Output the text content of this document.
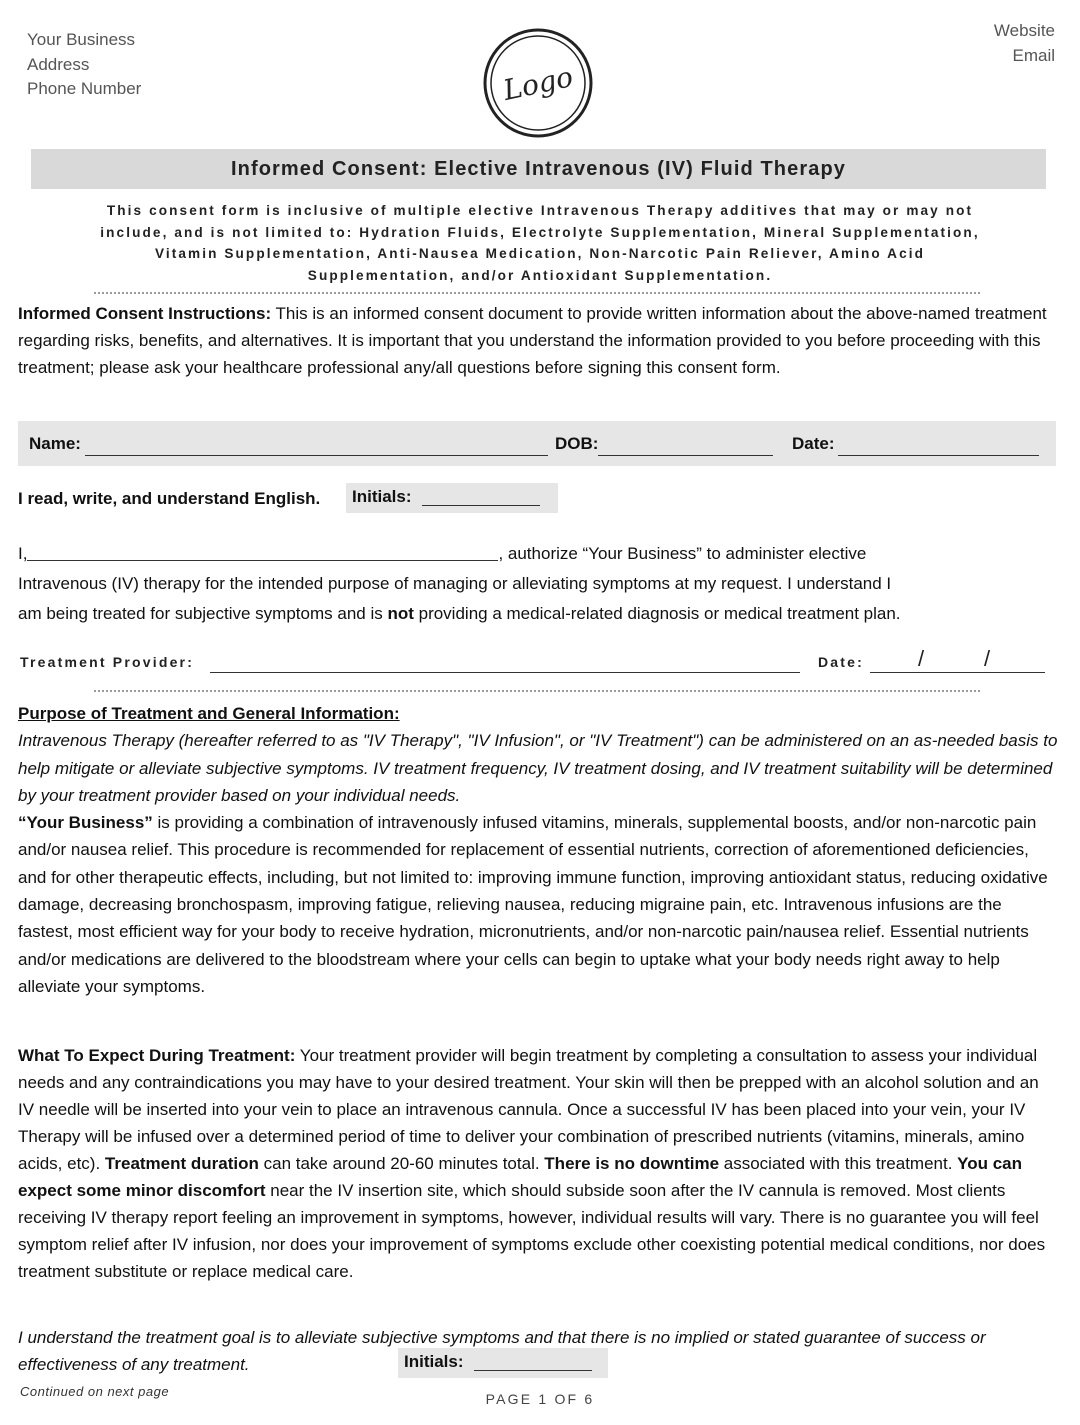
Your Business
Address
Phone Number	Logo
Website
Email
Informed Consent: Elective Intravenous (IV) Fluid Therapy
This consent form is inclusive of multiple elective Intravenous Therapy additives that may or may not
include, and is not limited to: Hydration Fluids, Electrolyte Supplementation, Mineral Supplementation,
Vitamin Supplementation, Anti-Nausea Medication, Non-Narcotic Pain Reliever, Amino Acid
Supplementation, and/or Antioxidant Supplementation.
Informed Consent Instructions: This is an informed consent document to provide written information about the above-named treatment regarding risks, benefits, and alternatives. It is important that you understand the information provided to you before proceeding with this treatment; please ask your healthcare professional any/all questions before signing this consent form.
Name:	DOB:	Date:
I read, write, and understand English. Initials:
I,	, authorize “Your Business” to administer elective
Intravenous (IV) therapy for the intended purpose of managing or alleviating symptoms at my request. I understand I
am being treated for subjective symptoms and is not providing a medical-related diagnosis or medical treatment plan.
Treatment Provider:	Date: /	/

Purpose of Treatment and General Information:

Intravenous Therapy (hereafter referred to as "IV Therapy", "IV Infusion", or "IV Treatment") can be administered on an as-needed basis to help mitigate or alleviate subjective symptoms. IV treatment frequency, IV treatment dosing, and IV treatment suitability will be determined by your treatment provider based on your individual needs.

“Your Business” is providing a combination of intravenously infused vitamins, minerals, supplemental boosts, and/or non-narcotic pain and/or nausea relief. This procedure is recommended for replacement of essential nutrients, correction of aforementioned deficiencies, and for other therapeutic effects, including, but not limited to: improving immune function, improving antioxidant status, reducing oxidative damage, decreasing bronchospasm, improving fatigue, relieving nausea, reducing migraine pain, etc. Intravenous infusions are the fastest, most efficient way for your body to receive hydration, micronutrients, and/or non-narcotic pain/nausea relief. Essential nutrients and/or medications are delivered to the bloodstream where your cells can begin to uptake what your body needs right away to help alleviate your symptoms.

What To Expect During Treatment: Your treatment provider will begin treatment by completing a consultation to assess your individual needs and any contraindications you may have to your desired treatment. Your skin will then be prepped with an alcohol solution and an IV needle will be inserted into your vein to place an intravenous cannula. Once a successful IV has been placed into your vein, your IV Therapy will be infused over a determined period of time to deliver your combination of prescribed nutrients (vitamins, minerals, amino acids, etc). Treatment duration can take around 20-60 minutes total. There is no downtime associated with this treatment. You can expect some minor discomfort near the IV insertion site, which should subside soon after the IV cannula is removed. Most clients receiving IV therapy report feeling an improvement in symptoms, however, individual results will vary. There is no guarantee you will feel symptom relief after IV infusion, nor does your improvement of symptoms exclude other coexisting potential medical conditions, nor does treatment substitute or replace medical care.
I understand the treatment goal is to alleviate subjective symptoms and that there is no implied or stated guarantee of success or effectiveness of any treatment.	Initials:
Continued on next page	PAGE 1 OF 6
